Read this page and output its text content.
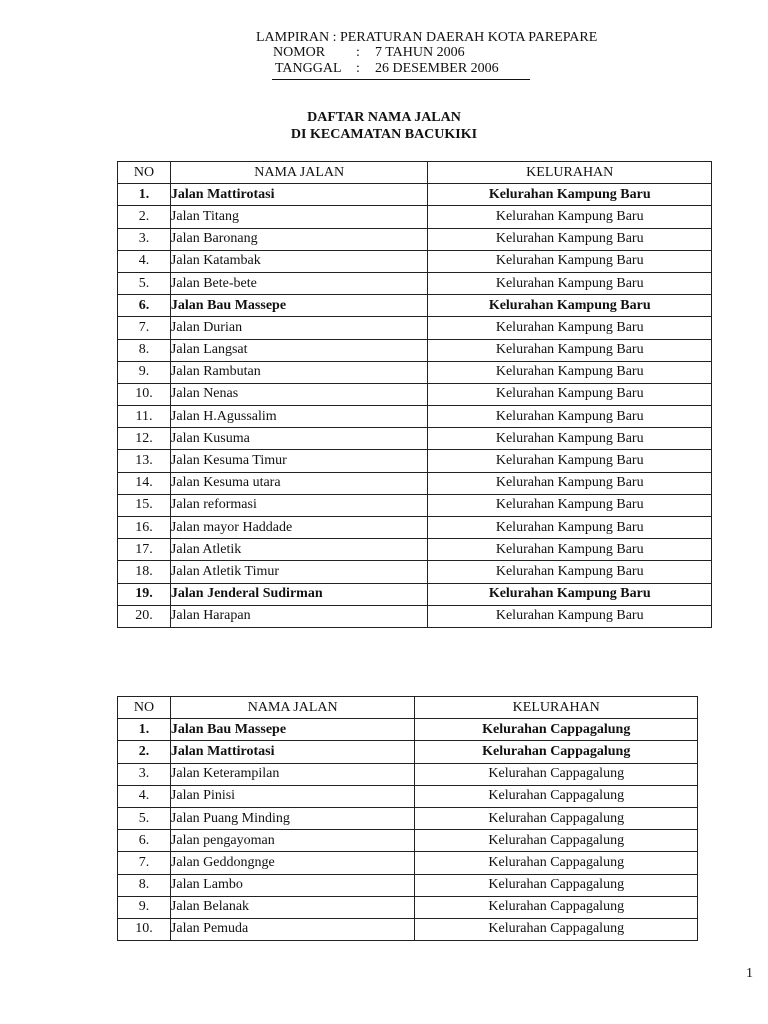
LAMPIRAN : PERATURAN DAERAH KOTA PAREPARE
NOMOR : 7 TAHUN 2006
TANGGAL : 26 DESEMBER 2006
DAFTAR NAMA JALAN
DI KECAMATAN BACUKIKI
NO	NAMA JALAN	KELURAHAN
1.	Jalan Mattirotasi	Kelurahan Kampung Baru
2.	Jalan Titang	Kelurahan Kampung Baru
3.	Jalan Baronang	Kelurahan Kampung Baru
4.	Jalan Katambak	Kelurahan Kampung Baru
5.	Jalan Bete-bete	Kelurahan Kampung Baru
6.	Jalan Bau Massepe	Kelurahan Kampung Baru
7.	Jalan Durian	Kelurahan Kampung Baru
8.	Jalan Langsat	Kelurahan Kampung Baru
9.	Jalan Rambutan	Kelurahan Kampung Baru
10.	Jalan Nenas	Kelurahan Kampung Baru
11.	Jalan H.Agussalim	Kelurahan Kampung Baru
12.	Jalan Kusuma	Kelurahan Kampung Baru
13.	Jalan Kesuma Timur	Kelurahan Kampung Baru
14.	Jalan Kesuma utara	Kelurahan Kampung Baru
15.	Jalan reformasi	Kelurahan Kampung Baru
16.	Jalan mayor Haddade	Kelurahan Kampung Baru
17.	Jalan Atletik	Kelurahan Kampung Baru
18.	Jalan Atletik Timur	Kelurahan Kampung Baru
19.	Jalan Jenderal Sudirman	Kelurahan Kampung Baru
20.	Jalan Harapan	Kelurahan Kampung Baru
NO	NAMA JALAN	KELURAHAN
1.	Jalan Bau Massepe	Kelurahan Cappagalung
2.	Jalan Mattirotasi	Kelurahan Cappagalung
3.	Jalan Keterampilan	Kelurahan Cappagalung
4.	Jalan Pinisi	Kelurahan Cappagalung
5.	Jalan Puang Minding	Kelurahan Cappagalung
6.	Jalan pengayoman	Kelurahan Cappagalung
7.	Jalan Geddongnge	Kelurahan Cappagalung
8.	Jalan Lambo	Kelurahan Cappagalung
9.	Jalan Belanak	Kelurahan Cappagalung
10.	Jalan Pemuda	Kelurahan Cappagalung
1
